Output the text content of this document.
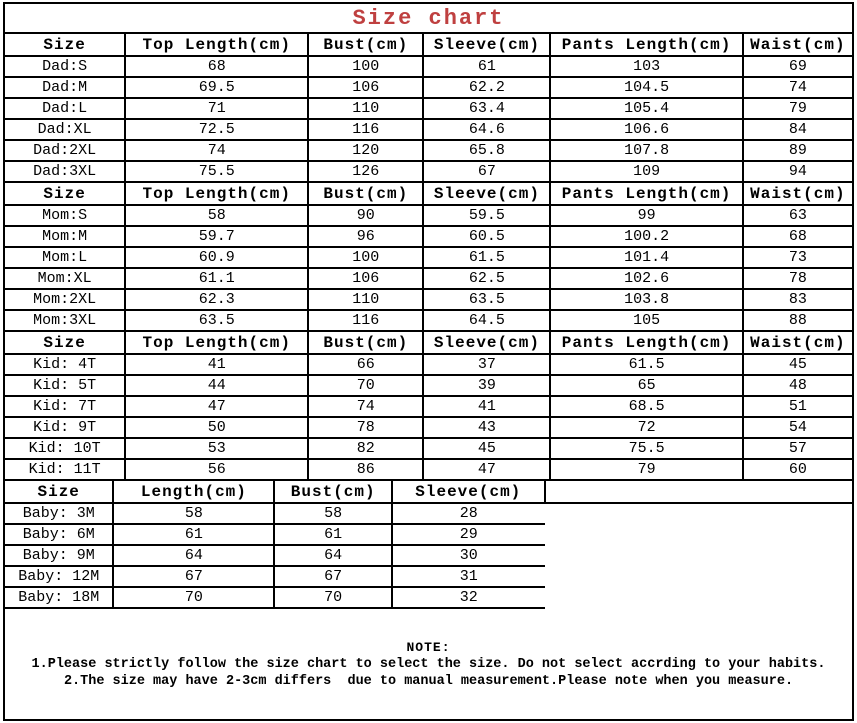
Size chart
Size	Top Length(cm)	Bust(cm)	Sleeve(cm)	Pants Length(cm)	Waist(cm)
Dad:S	68	100	61	103	69
Dad:M	69.5	106	62.2	104.5	74
Dad:L	71	110	63.4	105.4	79
Dad:XL	72.5	116	64.6	106.6	84
Dad:2XL	74	120	65.8	107.8	89
Dad:3XL	75.5	126	67	109	94
Size	Top Length(cm)	Bust(cm)	Sleeve(cm)	Pants Length(cm)	Waist(cm)
Mom:S	58	90	59.5	99	63
Mom:M	59.7	96	60.5	100.2	68
Mom:L	60.9	100	61.5	101.4	73
Mom:XL	61.1	106	62.5	102.6	78
Mom:2XL	62.3	110	63.5	103.8	83
Mom:3XL	63.5	116	64.5	105	88
Size	Top Length(cm)	Bust(cm)	Sleeve(cm)	Pants Length(cm)	Waist(cm)
Kid: 4T	41	66	37	61.5	45
Kid: 5T	44	70	39	65	48
Kid: 7T	47	74	41	68.5	51
Kid: 9T	50	78	43	72	54
Kid: 10T	53	82	45	75.5	57
Kid: 11T	56	86	47	79	60
Size	Length(cm)	Bust(cm)	Sleeve(cm)	
Baby: 3M	58	58	28	
Baby: 6M	61	61	29	
Baby: 9M	64	64	30	
Baby: 12M	67	67	31	
Baby: 18M	70	70	32	
NOTE:
1.Please strictly follow the size chart to select the size. Do not select accrding to your habits.
2.The size may have 2-3cm differs  due to manual measurement.Please note when you measure.
